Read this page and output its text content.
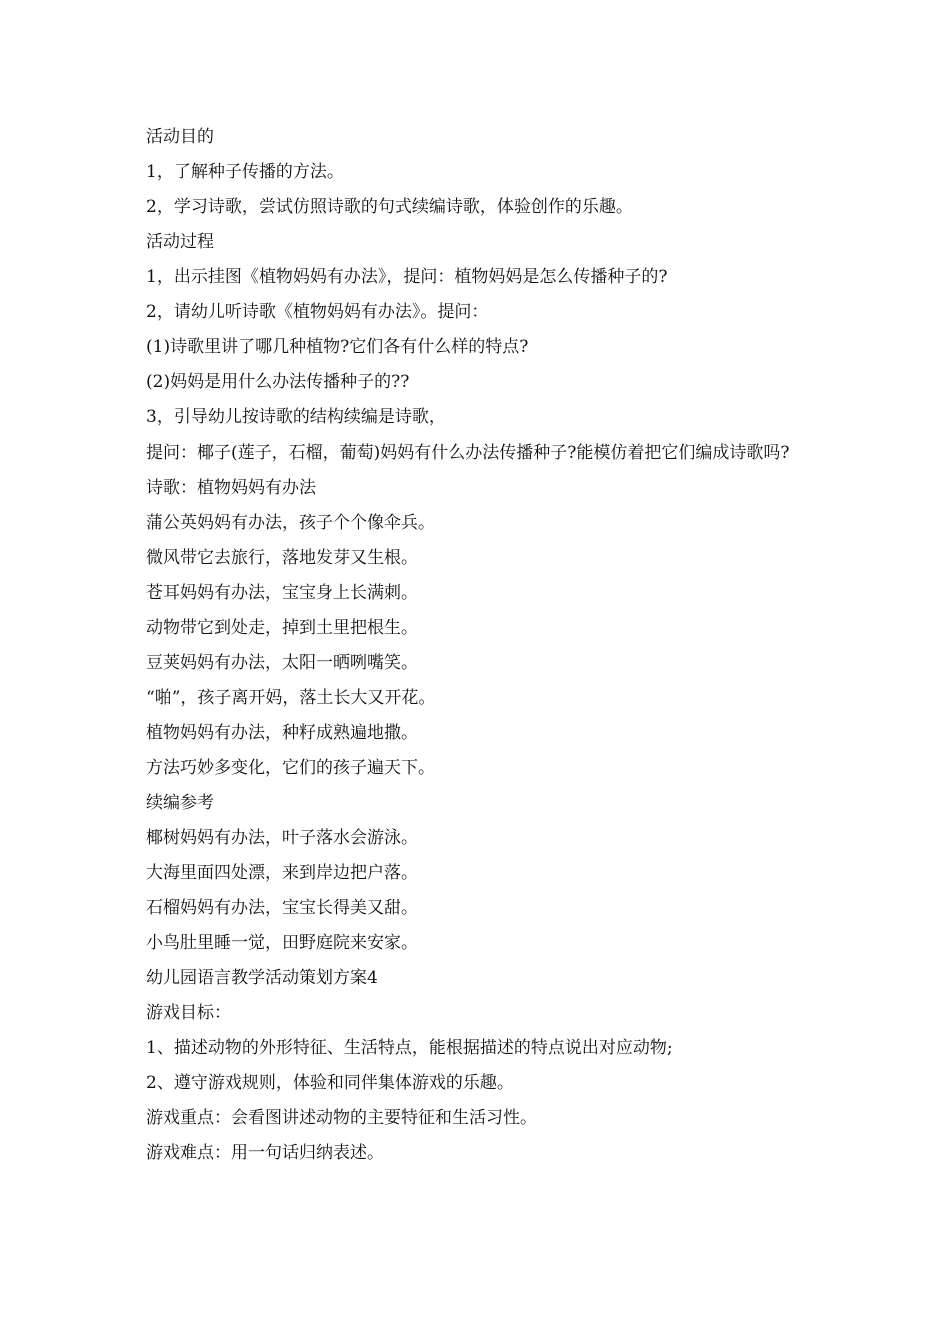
活动目的

1，了解种子传播的方法。

2，学习诗歌，尝试仿照诗歌的句式续编诗歌，体验创作的乐趣。

活动过程

1，出示挂图《植物妈妈有办法》，提问：植物妈妈是怎么传播种子的?

2，请幼儿听诗歌《植物妈妈有办法》。提问：

(1)诗歌里讲了哪几种植物?它们各有什么样的特点?

(2)妈妈是用什么办法传播种子的??

3，引导幼儿按诗歌的结构续编是诗歌，

提问：椰子(莲子，石榴，葡萄)妈妈有什么办法传播种子?能模仿着把它们编成诗歌吗?

诗歌：植物妈妈有办法

蒲公英妈妈有办法，孩子个个像伞兵。

微风带它去旅行，落地发芽又生根。

苍耳妈妈有办法，宝宝身上长满刺。

动物带它到处走，掉到土里把根生。

豆荚妈妈有办法，太阳一晒咧嘴笑。

“啪”，孩子离开妈，落土长大又开花。

植物妈妈有办法，种籽成熟遍地撒。

方法巧妙多变化，它们的孩子遍天下。

续编参考

椰树妈妈有办法，叶子落水会游泳。

大海里面四处漂，来到岸边把户落。

石榴妈妈有办法，宝宝长得美又甜。

小鸟肚里睡一觉，田野庭院来安家。

幼儿园语言教学活动策划方案4

游戏目标：

1、描述动物的外形特征、生活特点，能根据描述的特点说出对应动物;

2、遵守游戏规则，体验和同伴集体游戏的乐趣。

游戏重点：会看图讲述动物的主要特征和生活习性。

游戏难点：用一句话归纳表述。
